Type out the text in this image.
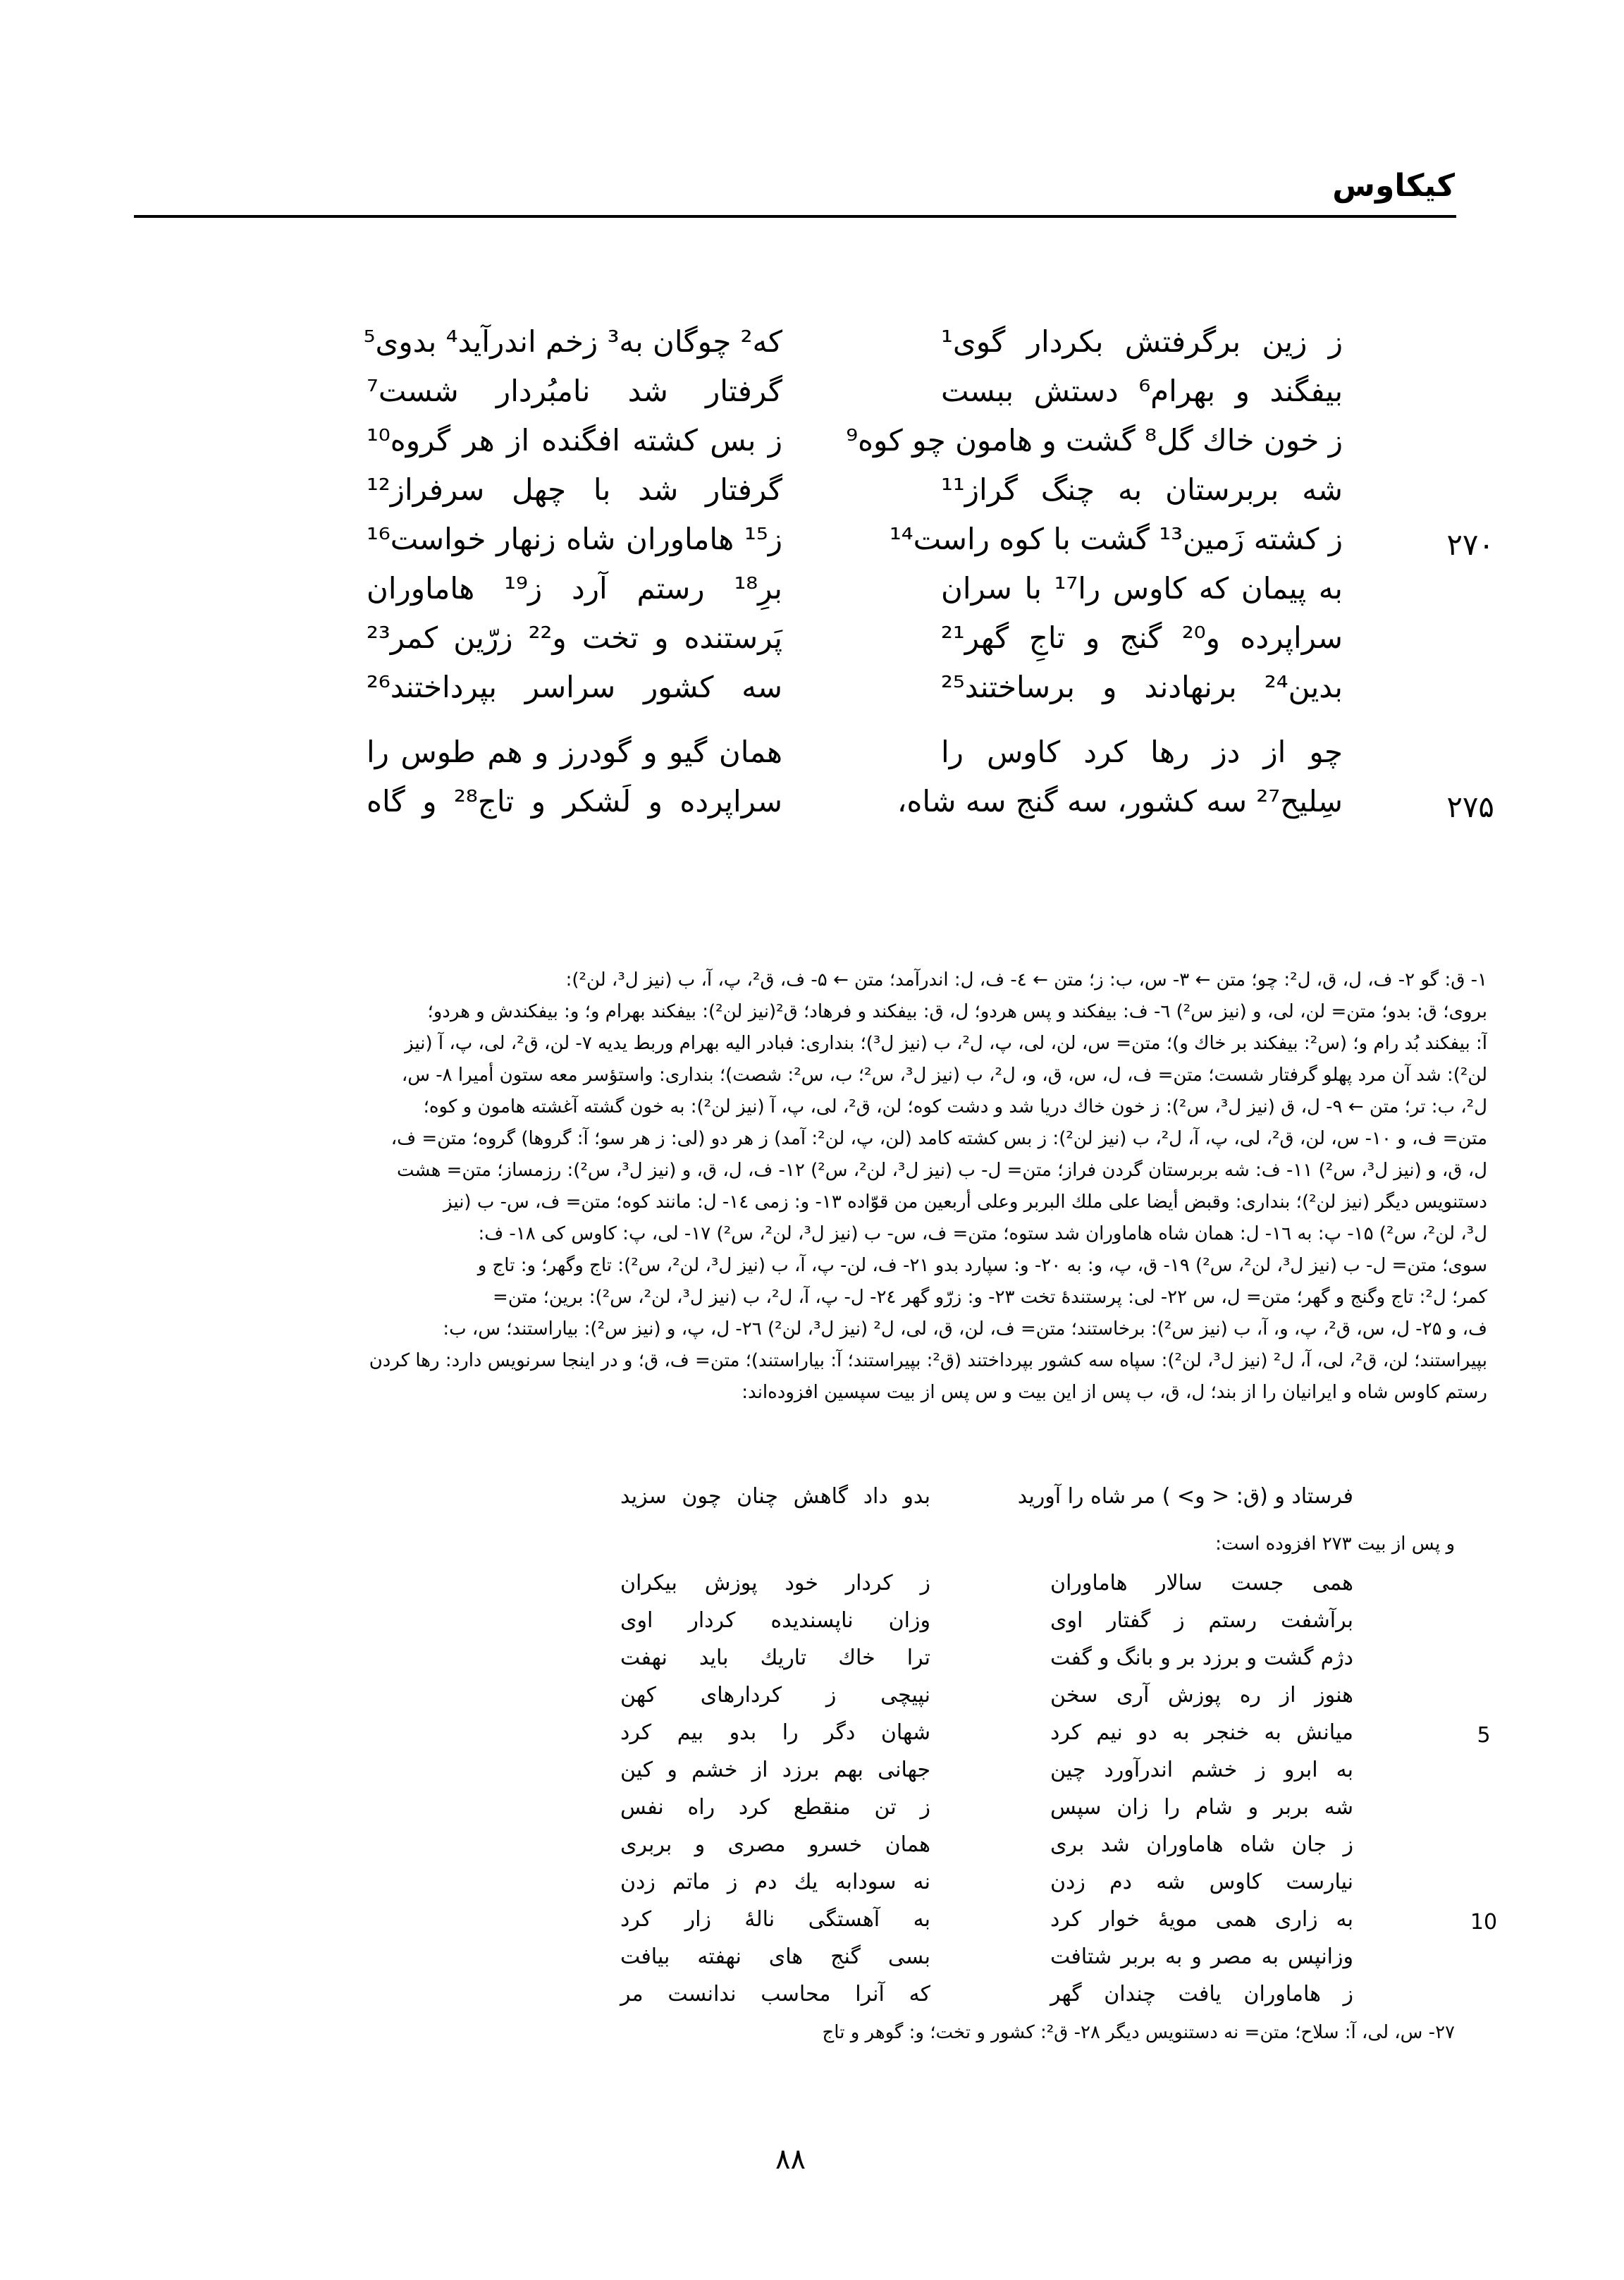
کیکاوس
ز زین برگرفتش بکردار گوی¹
که² چوگان به³ زخم اندرآید⁴ بدوی⁵
بیفگند و بهرام⁶ دستش ببست
گرفتار شد نامبُردار شست⁷
ز خون خاك گل⁸ گشت و هامون چو کوه⁹
ز بس کشته افگنده از هر گروه¹⁰
شه بربرستان به چنگ گراز¹¹
گرفتار شد با چهل سرفراز¹²
۲۷۰
ز کشته زَمین¹³ گشت با کوه راست¹⁴
ز¹⁵ هاماوران شاه زنهار خواست¹⁶
به پیمان که کاوس را¹⁷ با سران
برِ¹⁸ رستم آرد ز¹⁹ هاماوران
سراپرده و²⁰ گنج و تاجِ گهر²¹
پَرستنده و تخت و²² زرّین کمر²³
بدین²⁴ برنهادند و برساختند²⁵
سه کشور سراسر بپرداختند²⁶
چو از دز رها کرد کاوس را
همان گیو و گودرز و هم طوس را
۲۷۵
سِلیح²⁷ سه کشور، سه گنج سه شاه،
سراپرده و لَشکر و تاج²⁸ و گاه
۱- ق: گو ۲- ف، ل، ق، ل²: چو؛ متن ← ۳- س، ب: ز؛ متن ← ٤- ف، ل: اندرآمد؛ متن ← ۵- ف، ق²، پ، آ، ب (نیز ل³، لن²):
بروی؛ ق: بدو؛ متن= لن، لی، و (نیز س²) ٦- ف: بیفکند و پس هردو؛ ل، ق: بیفکند و فرهاد؛ ق²(نیز لن²): بیفکند بهرام و؛ و: بیفکندش و هردو؛
آ: بیفکند بُد رام و؛ (س²: بیفکند بر خاك و)؛ متن= س، لن، لی، پ، ل²، ب (نیز ل³)؛ بنداری: فبادر الیه بهرام وربط یدیه ۷- لن، ق²، لی، پ، آ (نیز
لن²): شد آن مرد پهلو گرفتار شست؛ متن= ف، ل، س، ق، و، ل²، ب (نیز ل³، س²؛ ب، س²: شصت)؛ بنداری: واستؤسر معه ستون أمیرا ۸- س،
ل²، ب: تر؛ متن ← ۹- ل، ق (نیز ل³، س²): ز خون خاك دریا شد و دشت کوه؛ لن، ق²، لی، پ، آ (نیز لن²): به خون گشته آغشته هامون و کوه؛
متن= ف، و ۱۰- س، لن، ق²، لی، پ، آ، ل²، ب (نیز لن²): ز بس کشته کامد (لن، پ، لن²: آمد) ز هر دو (لی: ز هر سو؛ آ: گروها) گروه؛ متن= ف،
ل، ق، و (نیز ل³، س²) ۱۱- ف: شه بربرستان گردن فراز؛ متن= ل- ب (نیز ل³، لن²، س²) ۱۲- ف، ل، ق، و (نیز ل³، س²): رزمساز؛ متن= هشت
دستنویس دیگر (نیز لن²)؛ بنداری: وقبض أیضا علی ملك البربر وعلی أربعین من قوّاده ۱۳- و: زمی ١٤- ل: مانند کوه؛ متن= ف، س- ب (نیز
ل³، لن²، س²) ۱۵- پ: به ۱٦- ل: همان شاه هاماوران شد ستوه؛ متن= ف، س- ب (نیز ل³، لن²، س²) ۱۷- لی، پ: کاوس کی ۱۸- ف:
سوی؛ متن= ل- ب (نیز ل³، لن²، س²) ۱۹- ق، پ، و: به ۲۰- و: سپارد بدو ۲۱- ف، لن- پ، آ، ب (نیز ل³، لن²، س²): تاج وگهر؛ و: تاج و
کمر؛ ل²: تاج وگنج و گهر؛ متن= ل، س ۲۲- لی: پرستندهٔ تخت ۲۳- و: زرّو گهر ۲٤- ل- پ، آ، ل²، ب (نیز ل³، لن²، س²): برین؛ متن=
ف، و ۲۵- ل، س، ق²، پ، و، آ، ب (نیز س²): برخاستند؛ متن= ف، لن، ق، لی، ل² (نیز ل³، لن²) ۲٦- ل، پ، و (نیز س²): بیاراستند؛ س، ب:
بپیراستند؛ لن، ق²، لی، آ، ل² (نیز ل³، لن²): سپاه سه کشور بپرداختند (ق²: بپیراستند؛ آ: بیاراستند)؛ متن= ف، ق؛ و در اینجا سرنویس دارد: رها کردن
رستم کاوس شاه و ایرانیان را از بند؛ ل، ق، ب پس از این بیت و س پس از بیت سپسین افزوده‌اند:
فرستاد و (ق: < و> ) مر شاه را آورید
بدو داد گاهش چنان چون سزید
و پس از بیت ۲۷۳ افزوده است:
همی جست سالار هاماوران
ز کردار خود پوزش بیکران
برآشفت رستم ز گفتار اوی
وزان ناپسندیده کردار اوی
دژم گشت و برزد بر و بانگ و گفت
ترا خاك تاریك باید نهفت
هنوز از ره پوزش آری سخن
نپیچی ز کردارهای کهن
5
میانش به خنجر به دو نیم کرد
شهان دگر را بدو بیم کرد
به ابرو ز خشم اندرآورد چین
جهانی بهم برزد از خشم و کین
شه بربر و شام را زان سپس
ز تن منقطع کرد راه نفس
ز جان شاه هاماوران شد بری
همان خسرو مصری و بربری
نیارست کاوس شه دم زدن
نه سودابه یك دم ز ماتم زدن
10
به زاری همی مویهٔ خوار کرد
به آهستگی نالهٔ زار کرد
وزانپس به مصر و به بربر شتافت
بسی گنج های نهفته بیافت
ز هاماوران یافت چندان گهر
که آنرا محاسب ندانست مر
۲۷- س، لی، آ: سلاح؛ متن= نه دستنویس دیگر ۲۸- ق²: کشور و تخت؛ و: گوهر و تاج
۸۸
